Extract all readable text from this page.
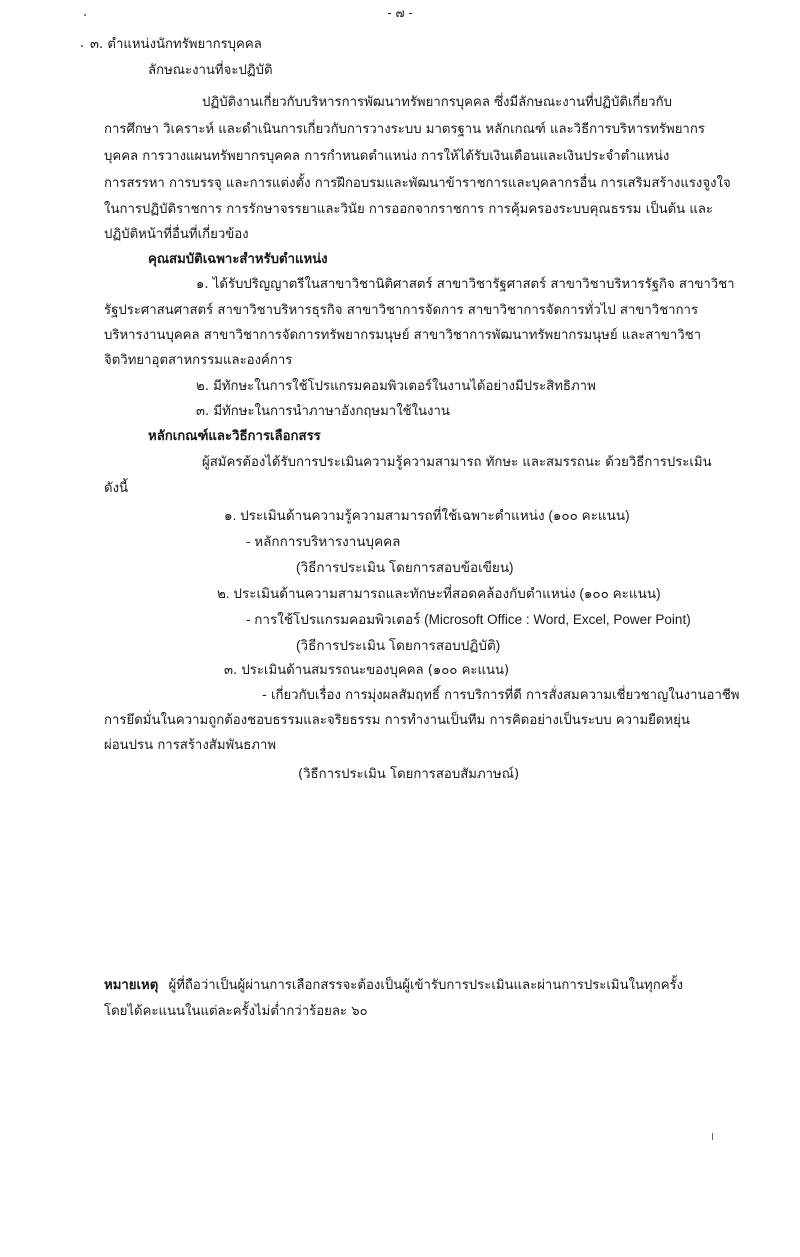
- ๗ -
๓. ตำแหน่งนักทรัพยากรบุคคล
ลักษณะงานที่จะปฏิบัติ
ปฏิบัติงานเกี่ยวกับบริหารการพัฒนาทรัพยากรบุคคล ซึ่งมีลักษณะงานที่ปฏิบัติเกี่ยวกับ
การศึกษา วิเคราะห์ และดำเนินการเกี่ยวกับการวางระบบ มาตรฐาน หลักเกณฑ์ และวิธีการบริหารทรัพยากร
บุคคล การวางแผนทรัพยากรบุคคล การกำหนดตำแหน่ง การให้ได้รับเงินเดือนและเงินประจำตำแหน่ง
การสรรหา การบรรจุ และการแต่งตั้ง การฝึกอบรมและพัฒนาข้าราชการและบุคลากรอื่น การเสริมสร้างแรงจูงใจ
ในการปฏิบัติราชการ การรักษาจรรยาและวินัย การออกจากราชการ การคุ้มครองระบบคุณธรรม เป็นต้น และ
ปฏิบัติหน้าที่อื่นที่เกี่ยวข้อง
คุณสมบัติเฉพาะสำหรับตำแหน่ง
๑. ได้รับปริญญาตรีในสาขาวิชานิติศาสตร์ สาขาวิชารัฐศาสตร์ สาขาวิชาบริหารรัฐกิจ สาขาวิชา
รัฐประศาสนศาสตร์ สาขาวิชาบริหารธุรกิจ สาขาวิชาการจัดการ สาขาวิชาการจัดการทั่วไป สาขาวิชาการ
บริหารงานบุคคล สาขาวิชาการจัดการทรัพยากรมนุษย์ สาขาวิชาการพัฒนาทรัพยากรมนุษย์ และสาขาวิชา
จิตวิทยาอุตสาหกรรมและองค์การ
๒. มีทักษะในการใช้โปรแกรมคอมพิวเตอร์ในงานได้อย่างมีประสิทธิภาพ
๓. มีทักษะในการนำภาษาอังกฤษมาใช้ในงาน
หลักเกณฑ์และวิธีการเลือกสรร
ผู้สมัครต้องได้รับการประเมินความรู้ความสามารถ ทักษะ และสมรรถนะ ด้วยวิธีการประเมิน
ดังนี้
๑. ประเมินด้านความรู้ความสามารถที่ใช้เฉพาะตำแหน่ง (๑๐๐ คะแนน)
- หลักการบริหารงานบุคคล
(วิธีการประเมิน โดยการสอบข้อเขียน)
๒. ประเมินด้านความสามารถและทักษะที่สอดคล้องกับตำแหน่ง (๑๐๐ คะแนน)
- การใช้โปรแกรมคอมพิวเตอร์ (Microsoft Office : Word, Excel, Power Point)
(วิธีการประเมิน โดยการสอบปฏิบัติ)
๓. ประเมินด้านสมรรถนะของบุคคล (๑๐๐ คะแนน)
- เกี่ยวกับเรื่อง การมุ่งผลสัมฤทธิ์ การบริการที่ดี การสั่งสมความเชี่ยวชาญในงานอาชีพ
การยึดมั่นในความถูกต้องชอบธรรมและจริยธรรม การทำงานเป็นทีม การคิดอย่างเป็นระบบ ความยืดหยุ่น
ผ่อนปรน การสร้างสัมพันธภาพ
(วิธีการประเมิน โดยการสอบสัมภาษณ์)
หมายเหตุ ผู้ที่ถือว่าเป็นผู้ผ่านการเลือกสรรจะต้องเป็นผู้เข้ารับการประเมินและผ่านการประเมินในทุกครั้ง
โดยได้คะแนนในแต่ละครั้งไม่ต่ำกว่าร้อยละ ๖๐
